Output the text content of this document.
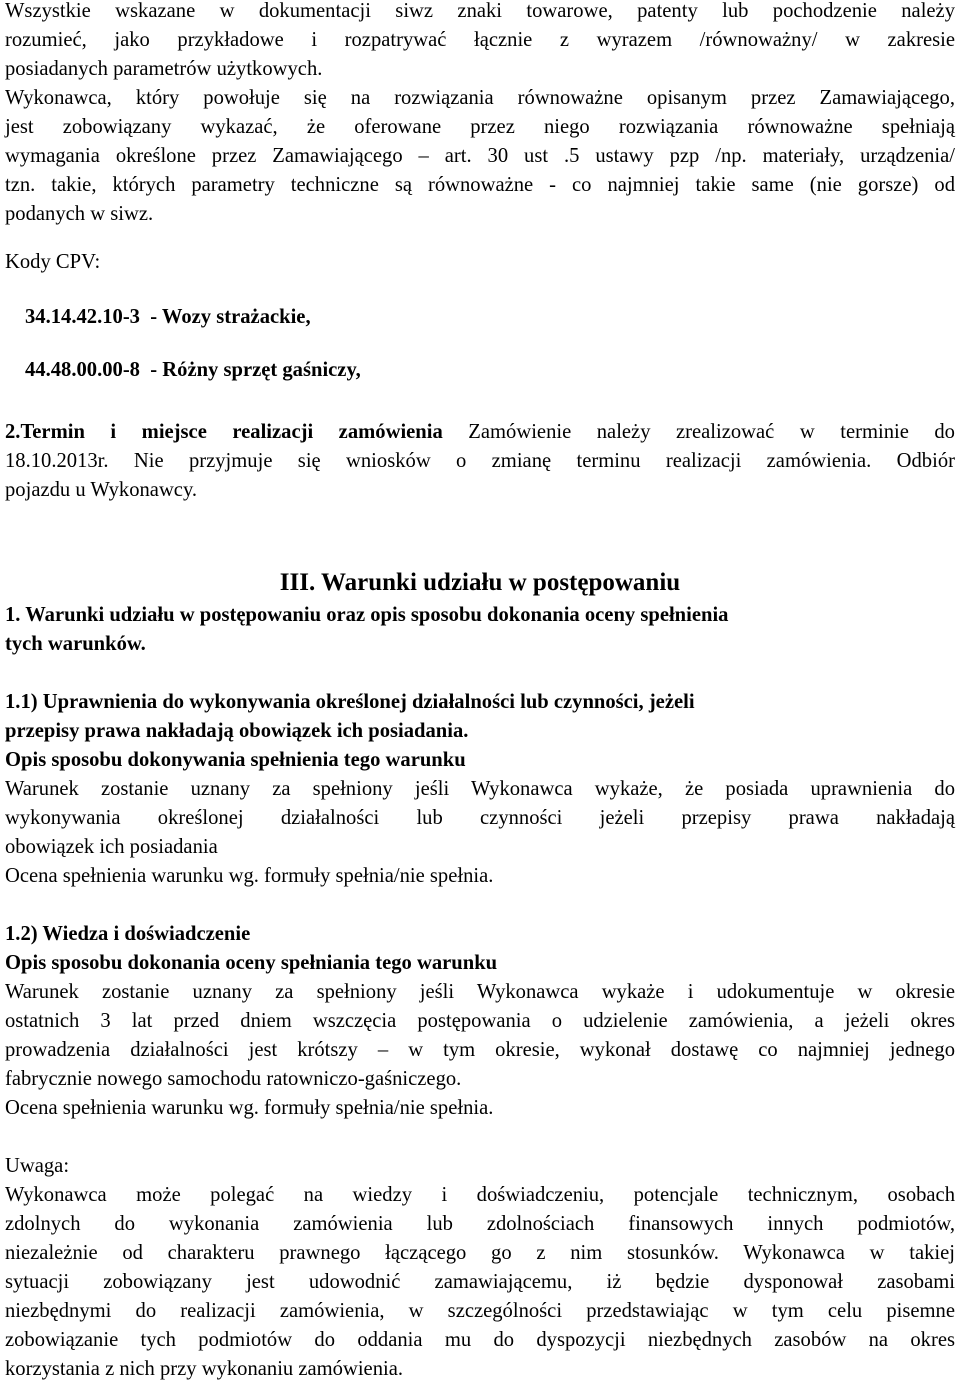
Wszystkie wskazane w dokumentacji siwz znaki towarowe, patenty lub pochodzenie należy
rozumieć, jako przykładowe i rozpatrywać łącznie z wyrazem /równoważny/ w zakresie
posiadanych parametrów użytkowych.
Wykonawca, który powołuje się na rozwiązania równoważne opisanym przez Zamawiającego,
jest zobowiązany wykazać, że oferowane przez niego rozwiązania równoważne spełniają
wymagania określone przez Zamawiającego – art. 30 ust .5 ustawy pzp /np. materiały, urządzenia/
tzn. takie, których parametry techniczne są równoważne - co najmniej takie same (nie gorsze) od
podanych w siwz.
Kody CPV:
34.14.42.10-3  - Wozy strażackie,
44.48.00.00-8  - Różny sprzęt gaśniczy,
2.Termin i miejsce realizacji zamówienia Zamówienie należy zrealizować w terminie do
18.10.2013r. Nie przyjmuje się wniosków o zmianę terminu realizacji zamówienia. Odbiór
pojazdu u Wykonawcy.
III. Warunki udziału w postępowaniu
1. Warunki udziału w postępowaniu oraz opis sposobu dokonania oceny spełnienia
tych warunków.
1.1) Uprawnienia do wykonywania określonej działalności lub czynności, jeżeli
przepisy prawa nakładają obowiązek ich posiadania.
Opis sposobu dokonywania spełnienia tego warunku
Warunek zostanie uznany za spełniony jeśli Wykonawca wykaże, że posiada uprawnienia do
wykonywania określonej działalności lub czynności jeżeli przepisy prawa nakładają
obowiązek ich posiadania
Ocena spełnienia warunku wg. formuły spełnia/nie spełnia.
1.2) Wiedza i doświadczenie
Opis sposobu dokonania oceny spełniania tego warunku
Warunek zostanie uznany za spełniony jeśli Wykonawca wykaże i udokumentuje w okresie
ostatnich 3 lat przed dniem wszczęcia postępowania o udzielenie zamówienia, a jeżeli okres
prowadzenia działalności jest krótszy – w tym okresie, wykonał dostawę co najmniej jednego
fabrycznie nowego samochodu ratowniczo-gaśniczego.
Ocena spełnienia warunku wg. formuły spełnia/nie spełnia.
Uwaga:
Wykonawca może polegać na wiedzy i doświadczeniu, potencjale technicznym, osobach
zdolnych do wykonania zamówienia lub zdolnościach finansowych innych podmiotów,
niezależnie od charakteru prawnego łączącego go z nim stosunków. Wykonawca w takiej
sytuacji zobowiązany jest udowodnić zamawiającemu, iż będzie dysponował zasobami
niezbędnymi do realizacji zamówienia, w szczególności przedstawiając w tym celu pisemne
zobowiązanie tych podmiotów do oddania mu do dyspozycji niezbędnych zasobów na okres
korzystania z nich przy wykonaniu zamówienia.
